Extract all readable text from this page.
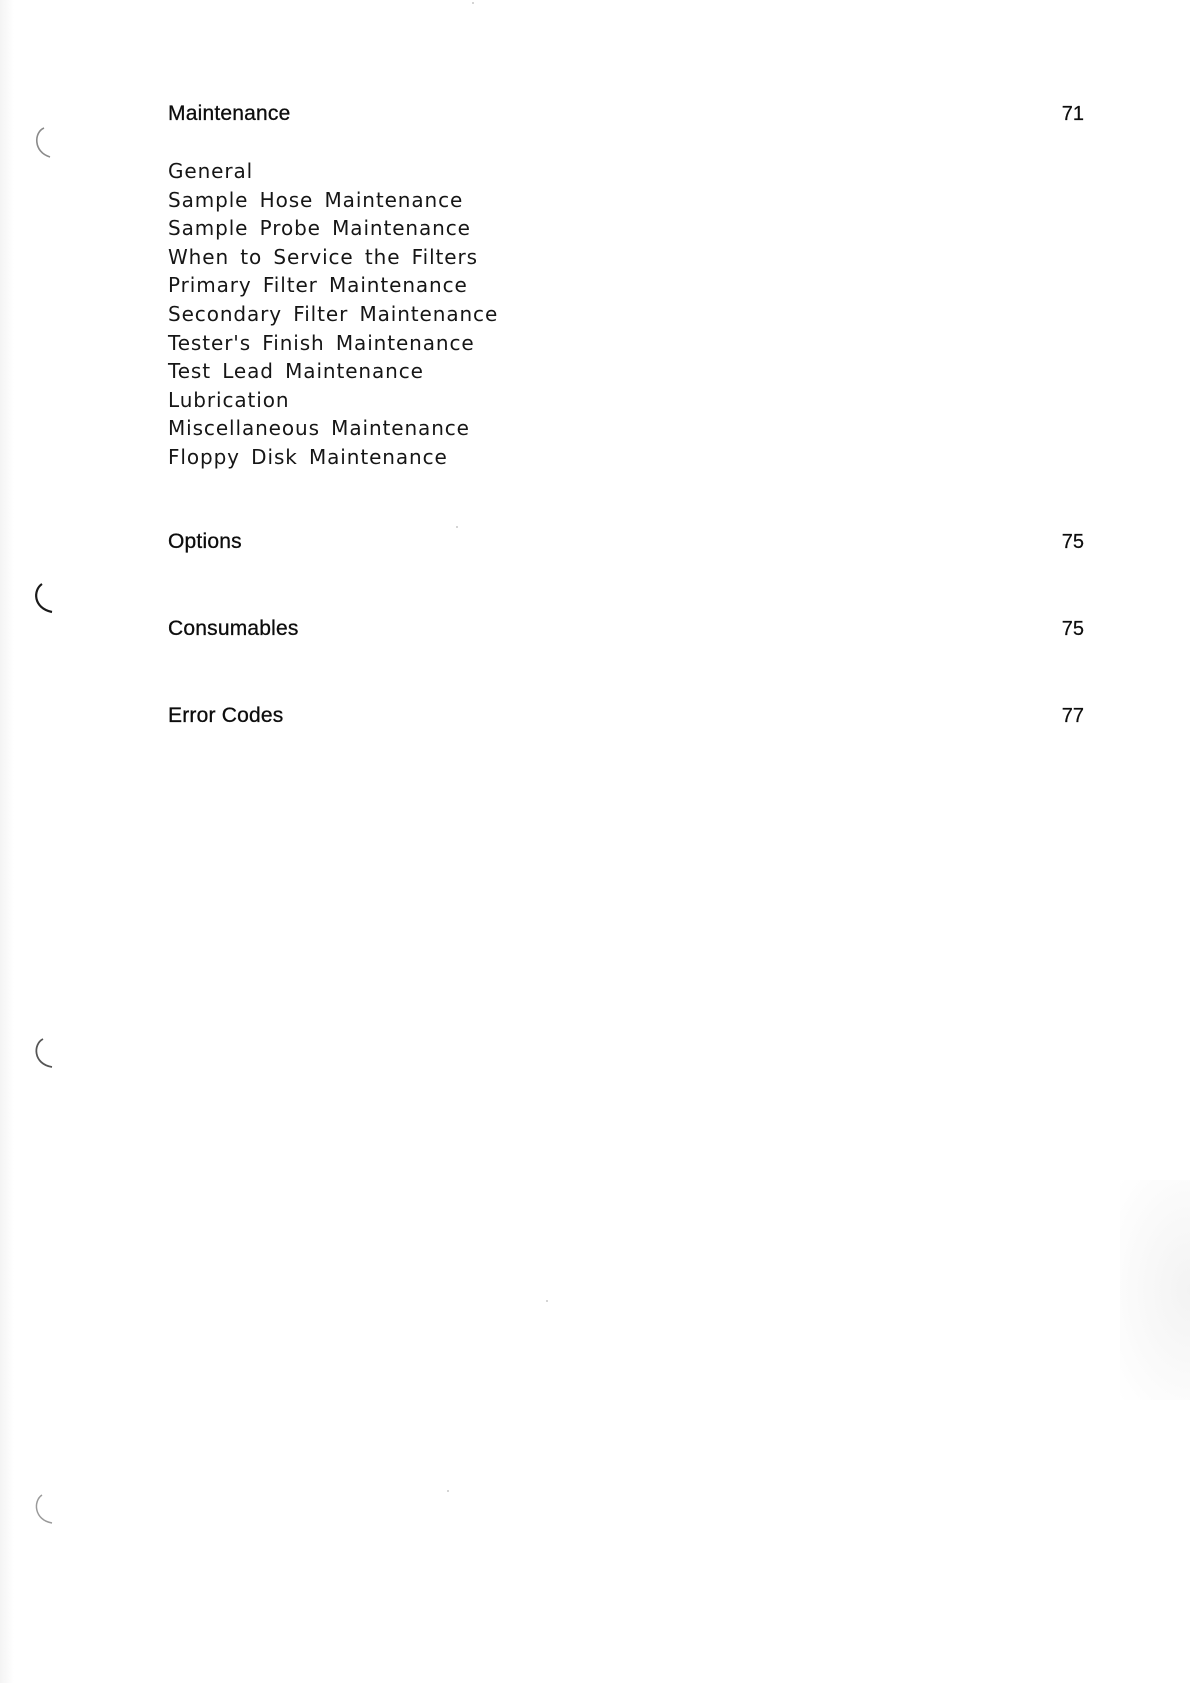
Maintenance	71
General
Sample Hose Maintenance
Sample Probe Maintenance
When to Service the Filters
Primary Filter Maintenance
Secondary Filter Maintenance
Tester's Finish Maintenance
Test Lead Maintenance
Lubrication
Miscellaneous Maintenance
Floppy Disk Maintenance
Options	75
Consumables	75
Error Codes	77
